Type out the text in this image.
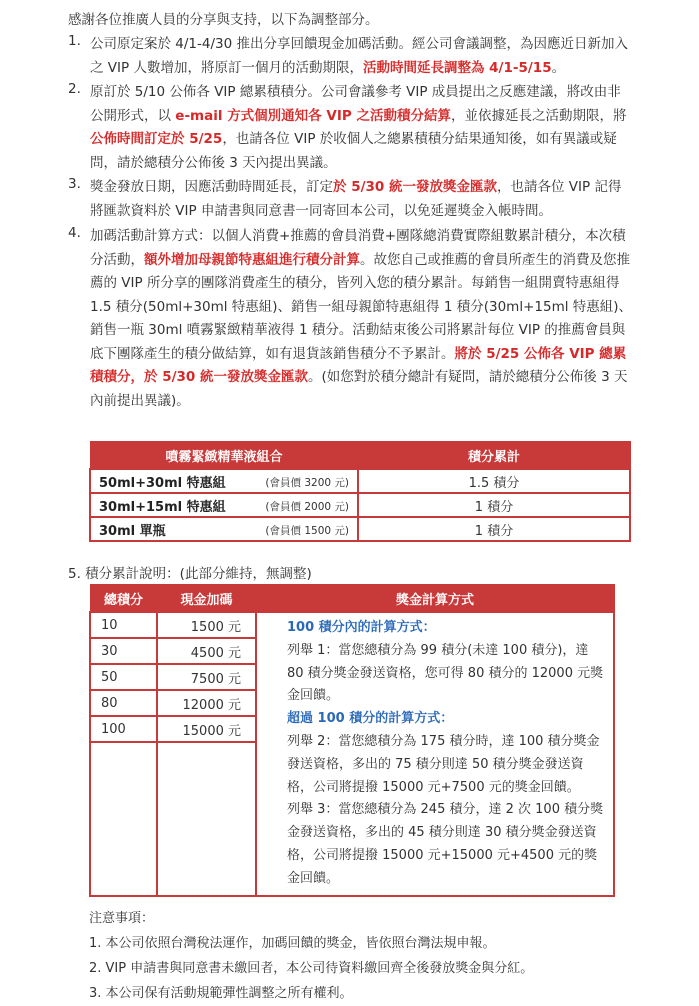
感謝各位推廣人員的分享與支持，以下為調整部分。
1. 公司原定案於 4/1-4/30 推出分享回饋現金加碼活動。經公司會議調整，為因應近日新加入之 VIP 人數增加，將原訂一個月的活動期限，活動時間延長調整為 4/1-5/15。
2. 原訂於 5/10 公佈各 VIP 總累積積分。公司會議參考 VIP 成員提出之反應建議，將改由非公開形式，以 e-mail 方式個別通知各 VIP 之活動積分結算，並依據延長之活動期限，將公佈時間訂定於 5/25，也請各位 VIP 於收個人之總累積積分結果通知後，如有異議或疑問，請於總積分公佈後 3 天內提出異議。
3. 獎金發放日期，因應活動時間延長，訂定於 5/30 統一發放獎金匯款，也請各位 VIP 記得將匯款資料於 VIP 申請書與同意書一同寄回本公司，以免延遲獎金入帳時間。
4. 加碼活動計算方式：以個人消費+推薦的會員消費+團隊總消費實際組數累計積分，本次積分活動，額外增加母親節特惠組進行積分計算。故您自己或推薦的會員所產生的消費及您推薦的 VIP 所分享的團隊消費產生的積分，皆列入您的積分累計。每銷售一組開賣特惠組得 1.5 積分(50ml+30ml 特惠組)、銷售一組母親節特惠組得 1 積分(30ml+15ml 特惠組)、銷售一瓶 30ml 噴霧緊緻精華液得 1 積分。活動結束後公司將累計每位 VIP 的推薦會員與底下團隊產生的積分做結算，如有退貨該銷售積分不予累計。將於 5/25 公佈各 VIP 總累積積分，於 5/30 統一發放獎金匯款。(如您對於積分總計有疑問，請於總積分公佈後 3 天內前提出異議)。
噴霧緊緻精華液組合	積分累計
50ml+30ml 特惠組 (會員價 3200 元)	1.5 積分
30ml+15ml 特惠組 (會員價 2000 元)	1 積分
30ml 單瓶 (會員價 1500 元)	1 積分
5. 積分累計說明：(此部分維持，無調整)
總積分	現金加碼	獎金計算方式
10	1500 元	100 積分內的計算方式：
列舉 1：當您總積分為 99 積分(未達 100 積分)，達 80 積分獎金發送資格，您可得 80 積分的 12000 元獎金回饋。
超過 100 積分的計算方式：
列舉 2：當您總積分為 175 積分時，達 100 積分獎金發送資格，多出的 75 積分則達 50 積分獎金發送資格，公司將提撥 15000 元+7500 元的獎金回饋。
列舉 3：當您總積分為 245 積分，達 2 次 100 積分獎金發送資格，多出的 45 積分則達 30 積分獎金發送資格，公司將提撥 15000 元+15000 元+4500 元的獎金回饋。

30	4500 元	
50	7500 元	
80	12000 元	
100	15000 元	

注意事項：
1. 本公司依照台灣稅法運作，加碼回饋的獎金，皆依照台灣法規申報。
2. VIP 申請書與同意書未繳回者，本公司待資料繳回齊全後發放獎金與分紅。
3. 本公司保有活動規範彈性調整之所有權利。
